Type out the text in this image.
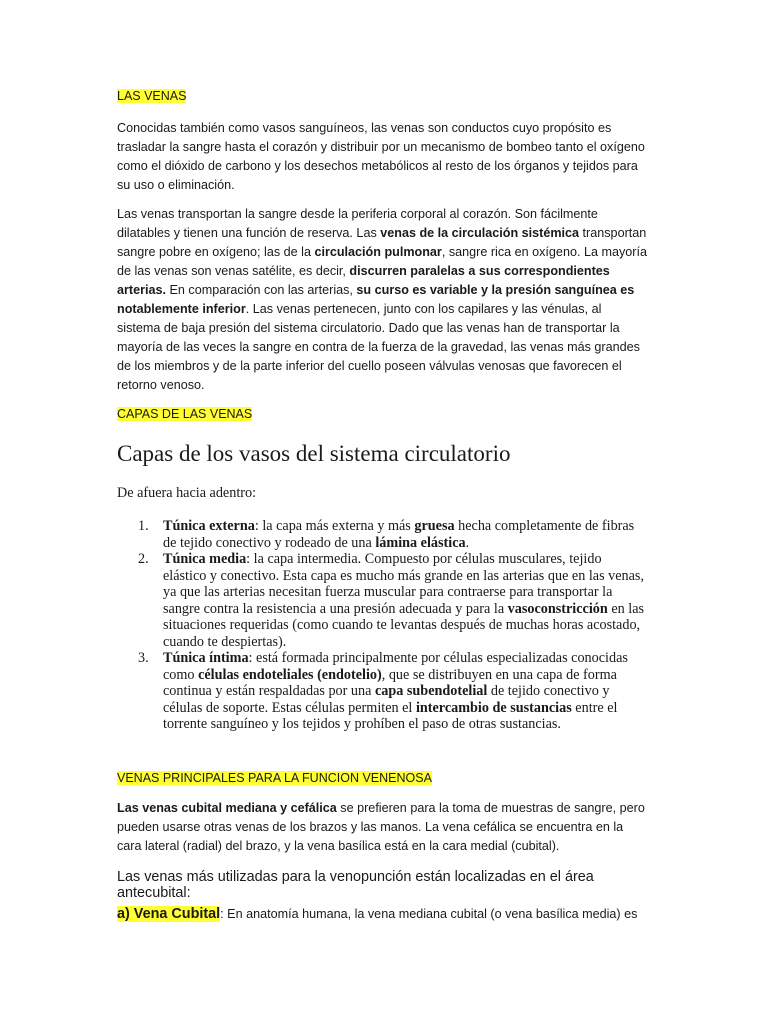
LAS VENAS

Conocidas también como vasos sanguíneos, las venas son conductos cuyo propósito es trasladar la sangre hasta el corazón y distribuir por un mecanismo de bombeo tanto el oxígeno como el dióxido de carbono y los desechos metabólicos al resto de los órganos y tejidos para su uso o eliminación.

Las venas transportan la sangre desde la periferia corporal al corazón. Son fácilmente dilatables y tienen una función de reserva. Las venas de la circulación sistémica transportan sangre pobre en oxígeno; las de la circulación pulmonar, sangre rica en oxígeno. La mayoría de las venas son venas satélite, es decir, discurren paralelas a sus correspondientes arterias. En comparación con las arterias, su curso es variable y la presión sanguínea es notablemente inferior. Las venas pertenecen, junto con los capilares y las vénulas, al sistema de baja presión del sistema circulatorio. Dado que las venas han de transportar la mayoría de las veces la sangre en contra de la fuerza de la gravedad, las venas más grandes de los miembros y de la parte inferior del cuello poseen válvulas venosas que favorecen el retorno venoso.

CAPAS DE LAS VENAS
Capas de los vasos del sistema circulatorio

De afuera hacia adentro:

1. Túnica externa: la capa más externa y más gruesa hecha completamente de fibras de tejido conectivo y rodeado de una lámina elástica.
2. Túnica media: la capa intermedia. Compuesto por células musculares, tejido elástico y conectivo. Esta capa es mucho más grande en las arterias que en las venas, ya que las arterias necesitan fuerza muscular para contraerse para transportar la sangre contra la resistencia a una presión adecuada y para la vasoconstricción en las situaciones requeridas (como cuando te levantas después de muchas horas acostado, cuando te despiertas).
3. Túnica íntima: está formada principalmente por células especializadas conocidas como células endoteliales (endotelio), que se distribuyen en una capa de forma continua y están respaldadas por una capa subendotelial de tejido conectivo y células de soporte. Estas células permiten el intercambio de sustancias entre el torrente sanguíneo y los tejidos y prohíben el paso de otras sustancias.
VENAS PRINCIPALES PARA LA FUNCION VENENOSA

Las venas cubital mediana y cefálica se prefieren para la toma de muestras de sangre, pero pueden usarse otras venas de los brazos y las manos. La vena cefálica se encuentra en la cara lateral (radial) del brazo, y la vena basílica está en la cara medial (cubital).

Las venas más utilizadas para la venopunción están localizadas en el área antecubital:

a) Vena Cubital: En anatomía humana, la vena mediana cubital (o vena basílica media) es
